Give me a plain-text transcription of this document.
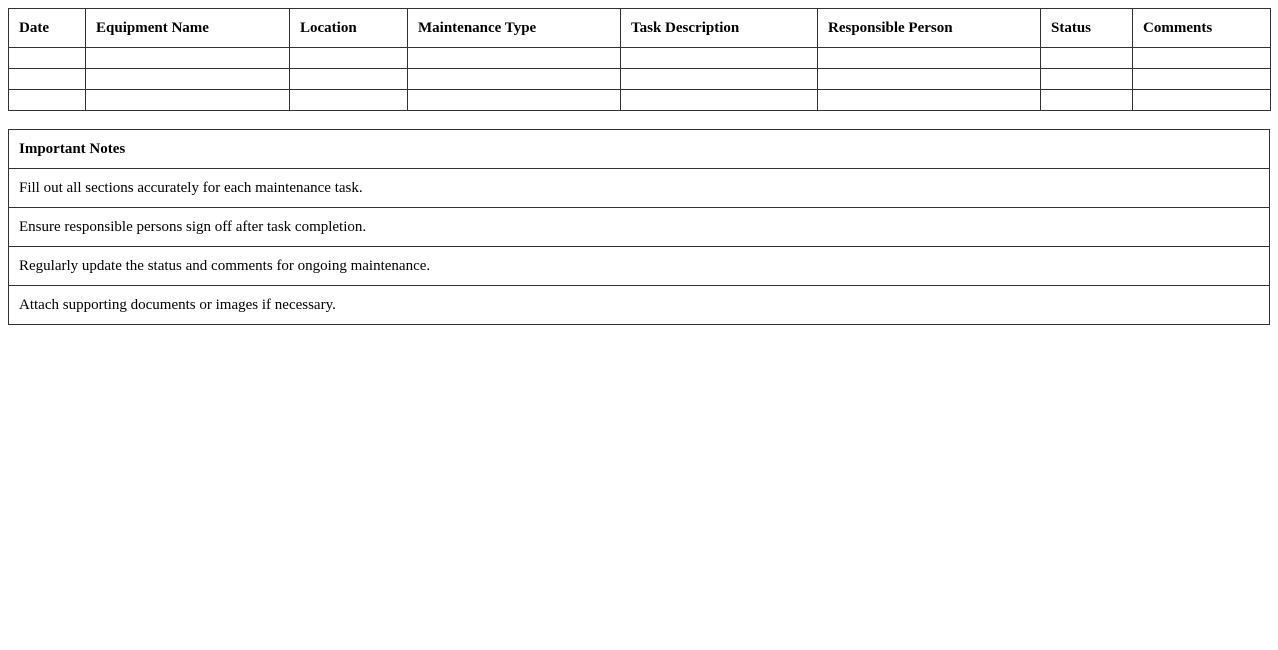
Date	Equipment Name	Location	Maintenance Type	Task Description	Responsible Person	Status	Comments

Important Notes
Fill out all sections accurately for each maintenance task.
Ensure responsible persons sign off after task completion.
Regularly update the status and comments for ongoing maintenance.
Attach supporting documents or images if necessary.
